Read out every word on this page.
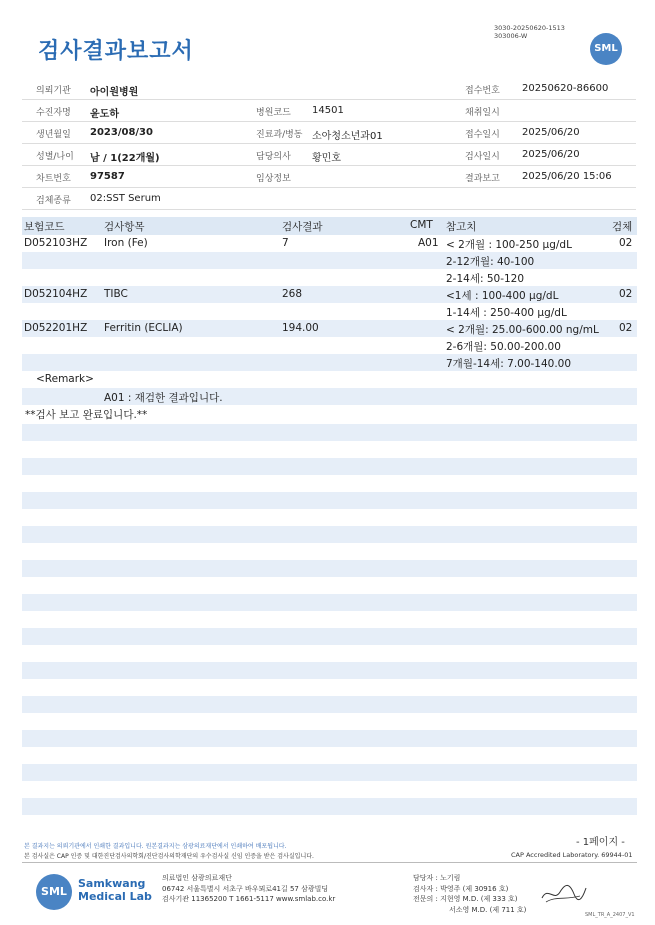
검사결과보고서
3030-20250620-1513
303006-W
SML
의뢰기관 아이원병원	접수번호 20250620-86600
수진자명 윤도하	병원코드 14501	채취일시
생년월일 2023/08/30	진료과/병동 소아청소년과01	접수일시 2025/06/20
성별/나이 남 / 1(22개월)	담당의사 황민호	검사일시 2025/06/20
차트번호 97587	임상정보	결과보고 2025/06/20 15:06
검체종류 02:SST Serum
보험코드	검사항목	검사결과	CMT 참고치	검체
D052103HZ Iron (Fe)	7	A01 < 2개월 : 100-250 μg/dL	02
2-12개월: 40-100
2-14세: 50-120
D052104HZ TIBC	268	<1세 : 100-400 μg/dL	02
1-14세 : 250-400 μg/dL
D052201HZ Ferritin (ECLIA)	194.00	< 2개월: 25.00-600.00 ng/mL 02
2-6개월: 50.00-200.00
7개월-14세: 7.00-140.00
<Remark>
A01 : 재검한 결과입니다.
**검사 보고 완료입니다.**
- 1페이지 -
본 결과지는 의뢰기관에서 인쇄한 결과입니다. 원본결과지는 삼광의료재단에서 인쇄하여 배포됩니다.
본 검사실은 CAP 인증 및 대한진단검사의학회/진단검사의학재단의 우수검사실 신임 인증을 받은 검사실입니다.	CAP Accredited Laboratory. 69944-01
SML
Samkwang
Medical Lab
의료법인 삼광의료재단
06742 서울특별시 서초구 바우뫼로41길 57 삼광빌딩
검사기관 11365200 T 1661-5117 www.smlab.co.kr
담당자 : 노기림
검사자 : 박영주 (제 30916 호)
전문의 : 지현영 M.D. (제 333 호)
서소영 M.D. (제 711 호)
SML_TR_A_2407_V1
